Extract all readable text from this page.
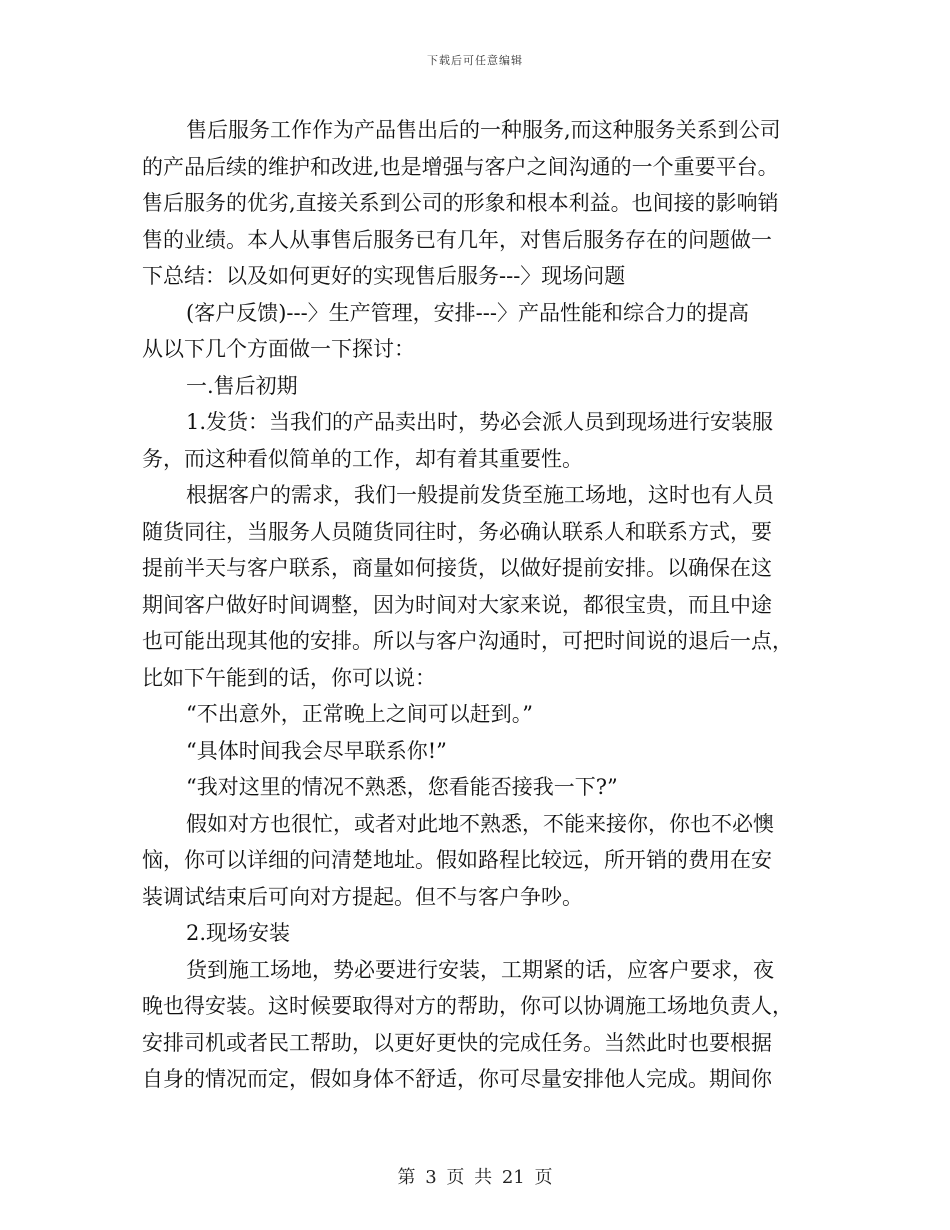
下载后可任意编辑

售后服务工作作为产品售出后的一种服务,而这种服务关系到公司

的产品后续的维护和改进,也是增强与客户之间沟通的一个重要平台。

售后服务的优劣,直接关系到公司的形象和根本利益。也间接的影响销

售的业绩。本人从事售后服务已有几年，对售后服务存在的问题做一

下总结：以及如何更好的实现售后服务---〉现场问题

(客户反馈)---〉生产管理，安排---〉产品性能和综合力的提高

从以下几个方面做一下探讨：

一.售后初期

1.发货：当我们的产品卖出时，势必会派人员到现场进行安装服

务，而这种看似简单的工作，却有着其重要性。

根据客户的需求，我们一般提前发货至施工场地，这时也有人员

随货同往，当服务人员随货同往时，务必确认联系人和联系方式，要

提前半天与客户联系，商量如何接货，以做好提前安排。以确保在这

期间客户做好时间调整，因为时间对大家来说，都很宝贵，而且中途

也可能出现其他的安排。所以与客户沟通时，可把时间说的退后一点，

比如下午能到的话，你可以说：

“不出意外，正常晚上之间可以赶到。”

“具体时间我会尽早联系你!”

“我对这里的情况不熟悉，您看能否接我一下?”

假如对方也很忙，或者对此地不熟悉，不能来接你，你也不必懊

恼，你可以详细的问清楚地址。假如路程比较远，所开销的费用在安

装调试结束后可向对方提起。但不与客户争吵。

2.现场安装

货到施工场地，势必要进行安装，工期紧的话，应客户要求，夜

晚也得安装。这时候要取得对方的帮助，你可以协调施工场地负责人，

安排司机或者民工帮助，以更好更快的完成任务。当然此时也要根据

自身的情况而定，假如身体不舒适，你可尽量安排他人完成。期间你

第 3 页 共 21 页
